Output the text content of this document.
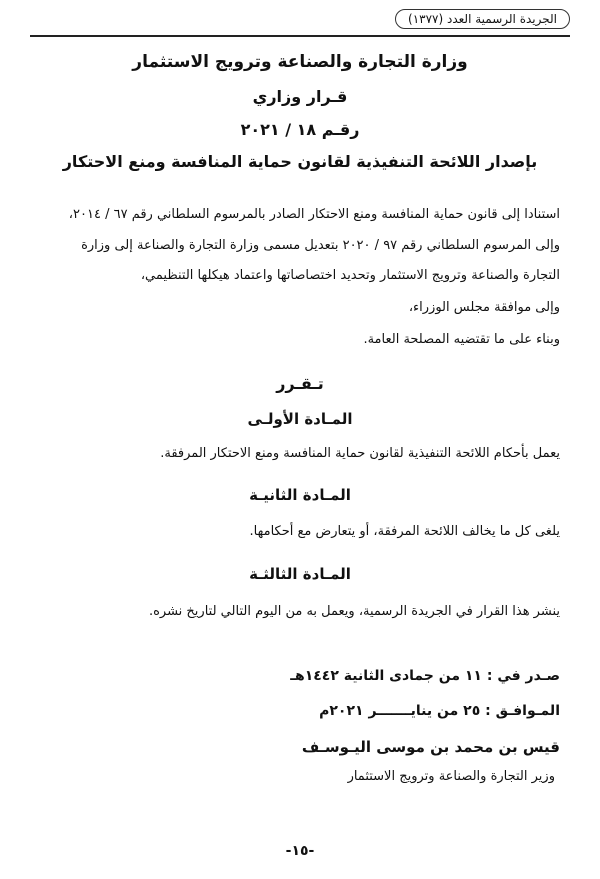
الجريدة الرسمية العدد (١٣٧٧)
وزارة التجارة والصناعة وترويج الاستثمار
قـرار وزاري
رقـم ١٨ / ٢٠٢١
بإصدار اللائحة التنفيذية لقانون حماية المنافسة ومنع الاحتكار
استنادا إلى قانون حماية المنافسة ومنع الاحتكار الصادر بالمرسوم السلطاني رقم ٦٧ / ٢٠١٤،
وإلى المرسوم السلطاني رقم ٩٧ / ٢٠٢٠ بتعديل مسمى وزارة التجارة والصناعة إلى وزارة
التجارة والصناعة وترويج الاستثمار وتحديد اختصاصاتها واعتماد هيكلها التنظيمي،
وإلى موافقة مجلس الوزراء،
وبناء على ما تقتضيه المصلحة العامة.
تـقـرر
المـادة الأولـى
يعمل بأحكام اللائحة التنفيذية لقانون حماية المنافسة ومنع الاحتكار المرفقة.
المـادة الثانيـة
يلغى كل ما يخالف اللائحة المرفقة، أو يتعارض مع أحكامها.
المـادة الثالثـة
ينشر هذا القرار في الجريدة الرسمية، ويعمل به من اليوم التالي لتاريخ نشره.
صـدر في : ١١ من جمادى الثانية ١٤٤٢هـ
المـوافـق : ٢٥ من ينايـــــــر ٢٠٢١م
قيس بن محمد بن موسى اليـوسـف
وزير التجارة والصناعة وترويج الاستثمار
-١٥-
